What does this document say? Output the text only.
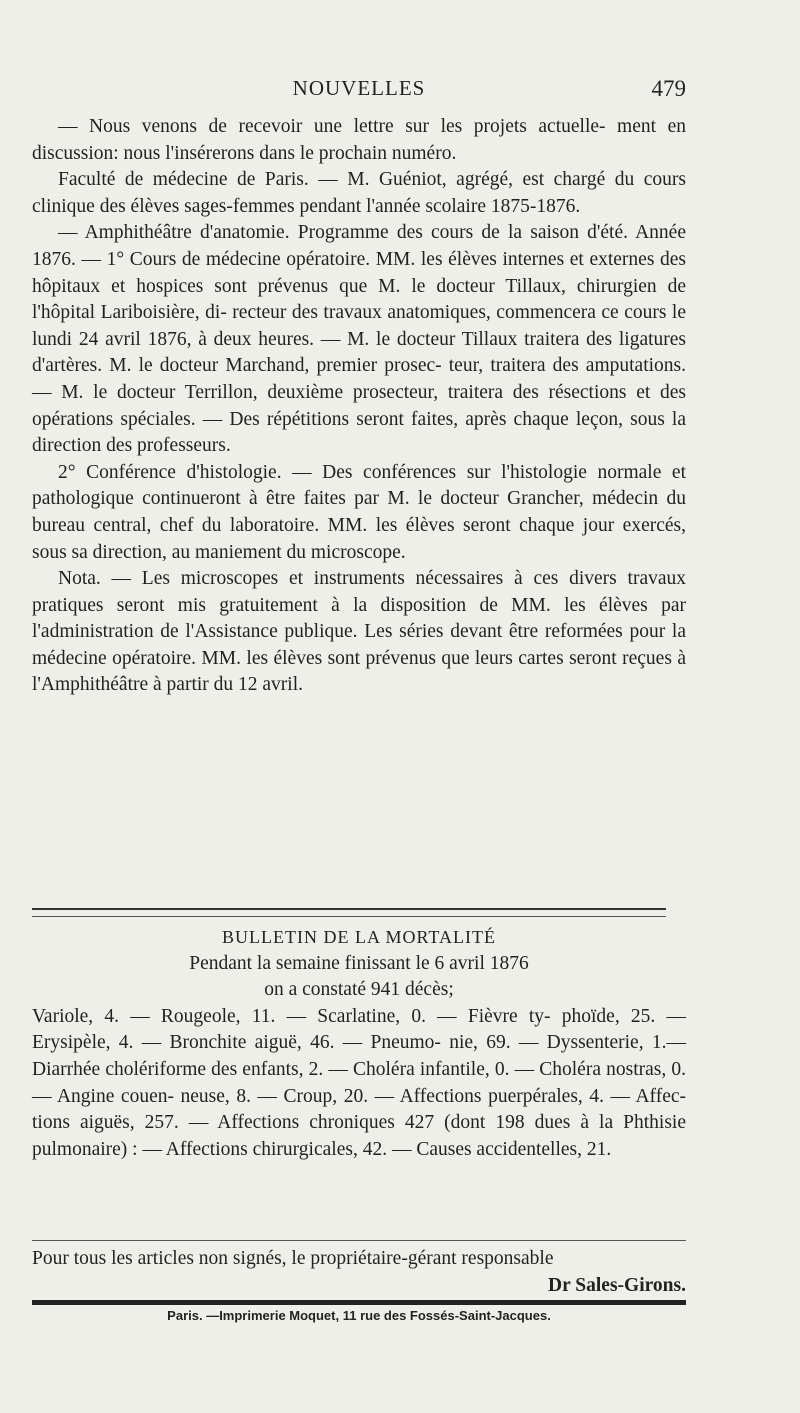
NOUVELLES	479

— Nous venons de recevoir une lettre sur les projets actuelle- ment en discussion: nous l'insérerons dans le prochain numéro.

Faculté de médecine de Paris. — M. Guéniot, agrégé, est chargé du cours clinique des élèves sages-femmes pendant l'année scolaire 1875-1876.

— Amphithéâtre d'anatomie. Programme des cours de la saison d'été. Année 1876. — 1° Cours de médecine opératoire. MM. les élèves internes et externes des hôpitaux et hospices sont prévenus que M. le docteur Tillaux, chirurgien de l'hôpital Lariboisière, di- recteur des travaux anatomiques, commencera ce cours le lundi 24 avril 1876, à deux heures. — M. le docteur Tillaux traitera des ligatures d'artères. M. le docteur Marchand, premier prosec- teur, traitera des amputations. — M. le docteur Terrillon, deuxième prosecteur, traitera des résections et des opérations spéciales. — Des répétitions seront faites, après chaque leçon, sous la direction des professeurs.

2° Conférence d'histologie. — Des conférences sur l'histologie normale et pathologique continueront à être faites par M. le docteur Grancher, médecin du bureau central, chef du laboratoire. MM. les élèves seront chaque jour exercés, sous sa direction, au maniement du microscope.

Nota. — Les microscopes et instruments nécessaires à ces divers travaux pratiques seront mis gratuitement à la disposition de MM. les élèves par l'administration de l'Assistance publique. Les séries devant être reformées pour la médecine opératoire. MM. les élèves sont prévenus que leurs cartes seront reçues à l'Amphithéâtre à partir du 12 avril.

BULLETIN DE LA MORTALITÉ
Pendant la semaine finissant le 6 avril 1876
on a constaté 941 décès;

Variole, 4. — Rougeole, 11. — Scarlatine, 0. — Fièvre ty- phoïde, 25. — Erysipèle, 4. — Bronchite aiguë, 46. — Pneumo- nie, 69. — Dyssenterie, 1.— Diarrhée cholériforme des enfants, 2. — Choléra infantile, 0. — Choléra nostras, 0. — Angine couen- neuse, 8. — Croup, 20. — Affections puerpérales, 4. — Affec- tions aiguës, 257. — Affections chroniques 427 (dont 198 dues à la Phthisie pulmonaire) : — Affections chirurgicales, 42. — Causes accidentelles, 21.

Pour tous les articles non signés, le propriétaire-gérant responsable

Dr Sales-Girons.

Paris. —Imprimerie Moquet, 11 rue des Fossés-Saint-Jacques.
